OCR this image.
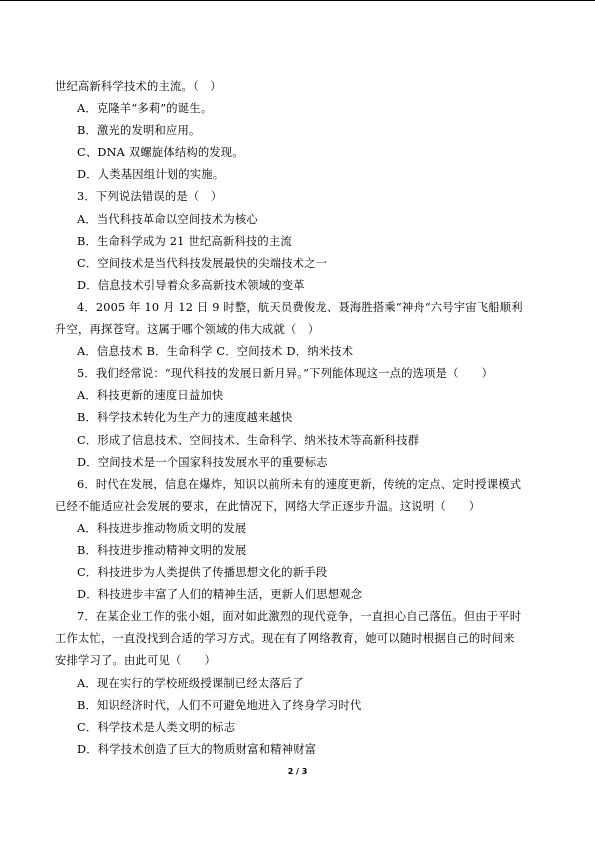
世纪高新科学技术的主流。（　）
A．克隆羊“多莉”的诞生。
B．激光的发明和应用。
C、DNA 双螺旋体结构的发现。
D．人类基因组计划的实施。
3．下列说法错误的是（　）
A．当代科技革命以空间技术为核心
B．生命科学成为 21 世纪高新科技的主流
C．空间技术是当代科技发展最快的尖端技术之一
D．信息技术引导着众多高新技术领域的变革
4．2005 年 10 月 12 日 9 时整，航天员费俊龙、聂海胜搭乘“神舟“六号宇宙飞船顺利
升空，再探苍穹。这属于哪个领域的伟大成就（　）
A．信息技术 B．生命科学 C．空间技术 D．纳米技术
5．我们经常说：“现代科技的发展日新月异。”下列能体现这一点的选项是（　　）
A．科技更新的速度日益加快
B．科学技术转化为生产力的速度越来越快
C．形成了信息技术、空间技术、生命科学、纳米技术等高新科技群
D．空间技术是一个国家科技发展水平的重要标志
6．时代在发展，信息在爆炸，知识以前所未有的速度更新，传统的定点、定时授课模式
已经不能适应社会发展的要求，在此情况下，网络大学正逐步升温。这说明（　　）
A．科技进步推动物质文明的发展
B．科技进步推动精神文明的发展
C．科技进步为人类提供了传播思想文化的新手段
D．科技进步丰富了人们的精神生活，更新人们思想观念
7．在某企业工作的张小姐，面对如此激烈的现代竞争，一直担心自己落伍。但由于平时
工作太忙，一直没找到合适的学习方式。现在有了网络教育，她可以随时根据自己的时间来
安排学习了。由此可见（　　）
A．现在实行的学校班级授课制已经太落后了
B．知识经济时代，人们不可避免地进入了终身学习时代
C．科学技术是人类文明的标志
D．科学技术创造了巨大的物质财富和精神财富
2 / 3
